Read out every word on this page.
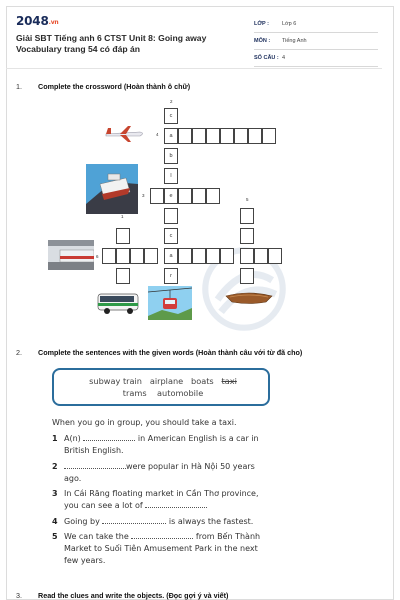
2048.vn
Giải SBT Tiếng anh 6 CTST Unit 8: Going away Vocabulary trang 54 có đáp án
LỚP :	Lớp 6
MÔN :	Tiếng Anh
SỐ CÂU : 4
1.	Complete the crossword (Hoàn thành ô chữ)
2
4
3
1
5
6
c
a
b
l
e
c
a
r
2.	Complete the sentences with the given words (Hoàn thành câu với từ đã cho)
subway train airplane boats taxi
trams automobile
When you go in group, you should take a taxi.
1 A(n)	in American English is a car in British English.
2	were popular in Hà Nội 50 years ago.
3 In Cái Răng floating market in Cần Thơ province, you can see a lot of	.
4 Going by	is always the fastest.
5 We can take the	from Bến Thành Market to Suối Tiên Amusement Park in the next few years.
3.	Read the clues and write the objects. (Đọc gợi ý và viết)
